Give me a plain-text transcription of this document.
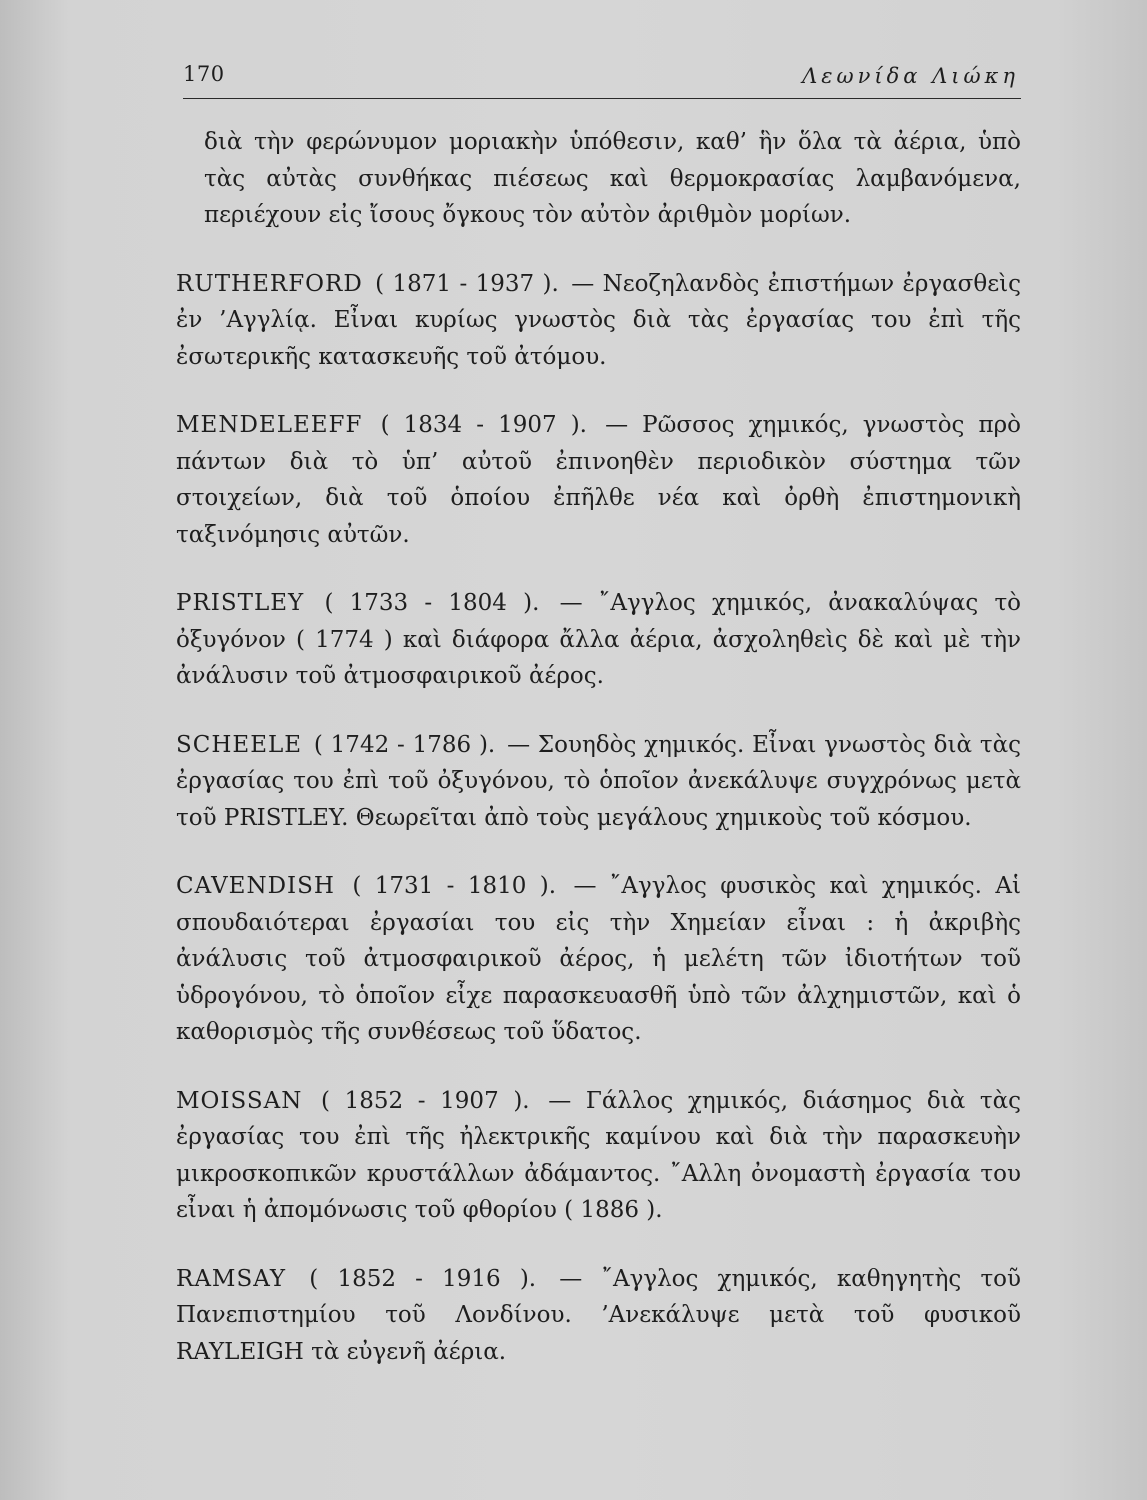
170	Λεωνίδα Λιώκη

διὰ τὴν φερώνυμον μοριακὴν ὑπόθεσιν, καθ’ ἣν ὅλα τὰ ἀέρια, ὑπὸ τὰς αὐτὰς συνθήκας πιέσεως καὶ θερμοκρασίας λαμβανόμενα, περιέχουν εἰς ἴσους ὄγκους τὸν αὐτὸν ἀριθμὸν μορίων.

RUTHERFORD ( 1871 - 1937 ). — Νεοζηλανδὸς ἐπιστήμων ἐργασθεὶς ἐν ’Αγγλίᾳ. Εἶναι κυρίως γνωστὸς διὰ τὰς ἐργασίας του ἐπὶ τῆς ἐσωτερικῆς κατασκευῆς τοῦ ἀτόμου.

MENDELEEFF ( 1834 - 1907 ). — Ρῶσσος χημικός, γνωστὸς πρὸ πάντων διὰ τὸ ὑπ’ αὐτοῦ ἐπινοηθὲν περιοδικὸν σύστημα τῶν στοιχείων, διὰ τοῦ ὁποίου ἐπῆλθε νέα καὶ ὀρθὴ ἐπιστημονικὴ ταξινόμησις αὐτῶν.

PRISTLEY ( 1733 - 1804 ). — ῎Αγγλος χημικός, ἀνακαλύψας τὸ ὀξυγόνον ( 1774 ) καὶ διάφορα ἄλλα ἀέρια, ἀσχοληθεὶς δὲ καὶ μὲ τὴν ἀνάλυσιν τοῦ ἀτμοσφαιρικοῦ ἀέρος.

SCHEELE ( 1742 - 1786 ). — Σουηδὸς χημικός. Εἶναι γνωστὸς διὰ τὰς ἐργασίας του ἐπὶ τοῦ ὀξυγόνου, τὸ ὁποῖον ἀνεκάλυψε συγχρόνως μετὰ τοῦ PRISTLEY. Θεωρεῖται ἀπὸ τοὺς μεγάλους χημικοὺς τοῦ κόσμου.

CAVENDISH ( 1731 - 1810 ). — ῎Αγγλος φυσικὸς καὶ χημικός. Αἱ σπουδαιότεραι ἐργασίαι του εἰς τὴν Χημείαν εἶναι : ἡ ἀκριβὴς ἀνάλυσις τοῦ ἀτμοσφαιρικοῦ ἀέρος, ἡ μελέτη τῶν ἰδιοτήτων τοῦ ὑδρογόνου, τὸ ὁποῖον εἶχε παρασκευασθῆ ὑπὸ τῶν ἀλχημιστῶν, καὶ ὁ καθορισμὸς τῆς συνθέσεως τοῦ ὕδατος.

MOISSAN ( 1852 - 1907 ). — Γάλλος χημικός, διάσημος διὰ τὰς ἐργασίας του ἐπὶ τῆς ἠλεκτρικῆς καμίνου καὶ διὰ τὴν παρασκευὴν μικροσκοπικῶν κρυστάλλων ἀδάμαντος. ῎Αλλη ὀνομαστὴ ἐργασία του εἶναι ἡ ἀπομόνωσις τοῦ φθορίου ( 1886 ).

RAMSAY ( 1852 - 1916 ). — ῎Αγγλος χημικός, καθηγητὴς τοῦ Πανεπιστημίου τοῦ Λονδίνου. ’Ανεκάλυψε μετὰ τοῦ φυσικοῦ RAYLEIGH τὰ εὐγενῆ ἀέρια.
